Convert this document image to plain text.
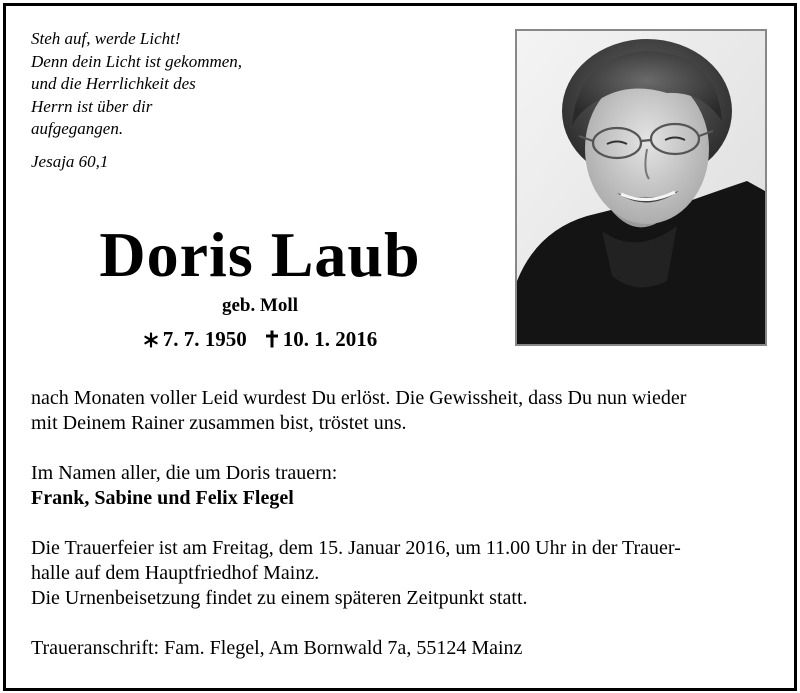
Steh auf, werde Licht!
Denn dein Licht ist gekommen,
und die Herrlichkeit des
Herrn ist über dir
aufgegangen.
Jesaja 60,1
Doris Laub
geb. Moll
7. 7. 1950 10. 1. 2016

nach Monaten voller Leid wurdest Du erlöst. Die Gewissheit, dass Du nun wieder

mit Deinem Rainer zusammen bist, tröstet uns.

Im Namen aller, die um Doris trauern:

Frank, Sabine und Felix Flegel

Die Trauerfeier ist am Freitag, dem 15. Januar 2016, um 11.00 Uhr in der Trauer-

halle auf dem Hauptfriedhof Mainz.

Die Urnenbeisetzung findet zu einem späteren Zeitpunkt statt.

Traueranschrift: Fam. Flegel, Am Bornwald 7a, 55124 Mainz
